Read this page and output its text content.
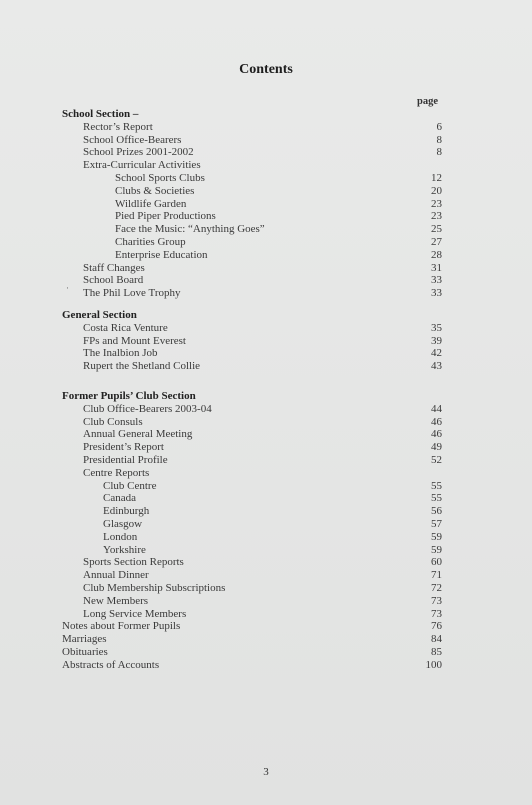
Contents
page
School Section –
Rector’s Report	6
School Office-Bearers	8
School Prizes 2001-2002	8
Extra-Curricular Activities
School Sports Clubs	12
Clubs & Societies	20
Wildlife Garden	23
Pied Piper Productions	23
Face the Music: “Anything Goes”	25
Charities Group	27
Enterprise Education	28
Staff Changes	31
School Board	33
The Phil Love Trophy	33
General Section
Costa Rica Venture	35
FPs and Mount Everest	39
The Inalbion Job	42
Rupert the Shetland Collie	43
Former Pupils’ Club Section
Club Office-Bearers 2003-04	44
Club Consuls	46
Annual General Meeting	46
President’s Report	49
Presidential Profile	52
Centre Reports
Club Centre	55
Canada	55
Edinburgh	56
Glasgow	57
London	59
Yorkshire	59
Sports Section Reports	60
Annual Dinner	71
Club Membership Subscriptions	72
New Members	73
Long Service Members	73
Notes about Former Pupils	76
Marriages	84
Obituaries	85
Abstracts of Accounts	100
·
3
